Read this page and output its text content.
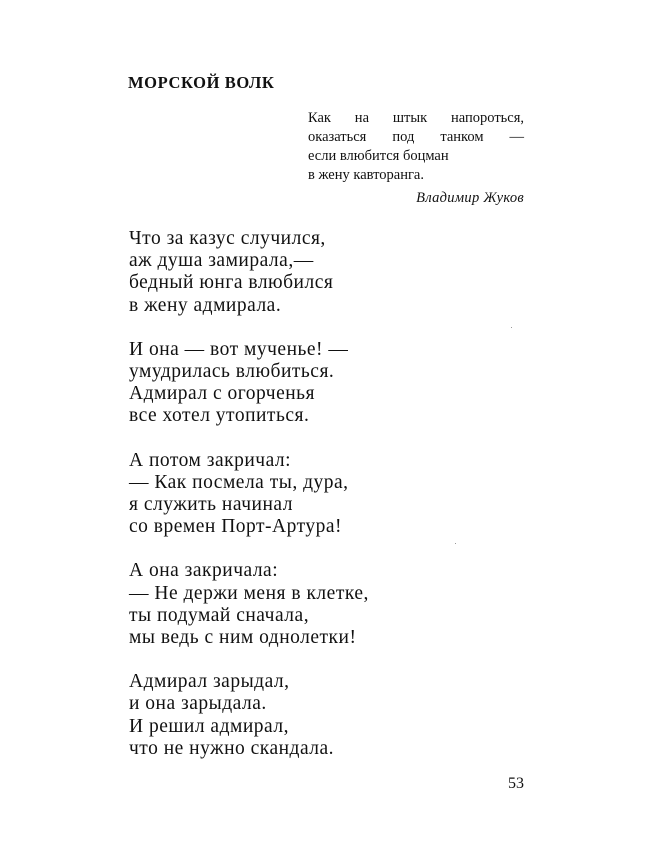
МОРСКОЙ ВОЛК
Как на штык напороться,
оказаться под танком —
если влюбится боцман
в жену кавторанга.
Владимир Жуков
Что за казус случился,
аж душа замирала,—
бедный юнга влюбился
в жену адмирала.
И она — вот мученье! —
умудрилась влюбиться.
Адмирал с огорченья
все хотел утопиться.
А потом закричал:
— Как посмела ты, дура,
я служить начинал
со времен Порт-Артура!
А она закричала:
— Не держи меня в клетке,
ты подумай сначала,
мы ведь с ним однолетки!
Адмирал зарыдал,
и она зарыдала.
И решил адмирал,
что не нужно скандала.
53
